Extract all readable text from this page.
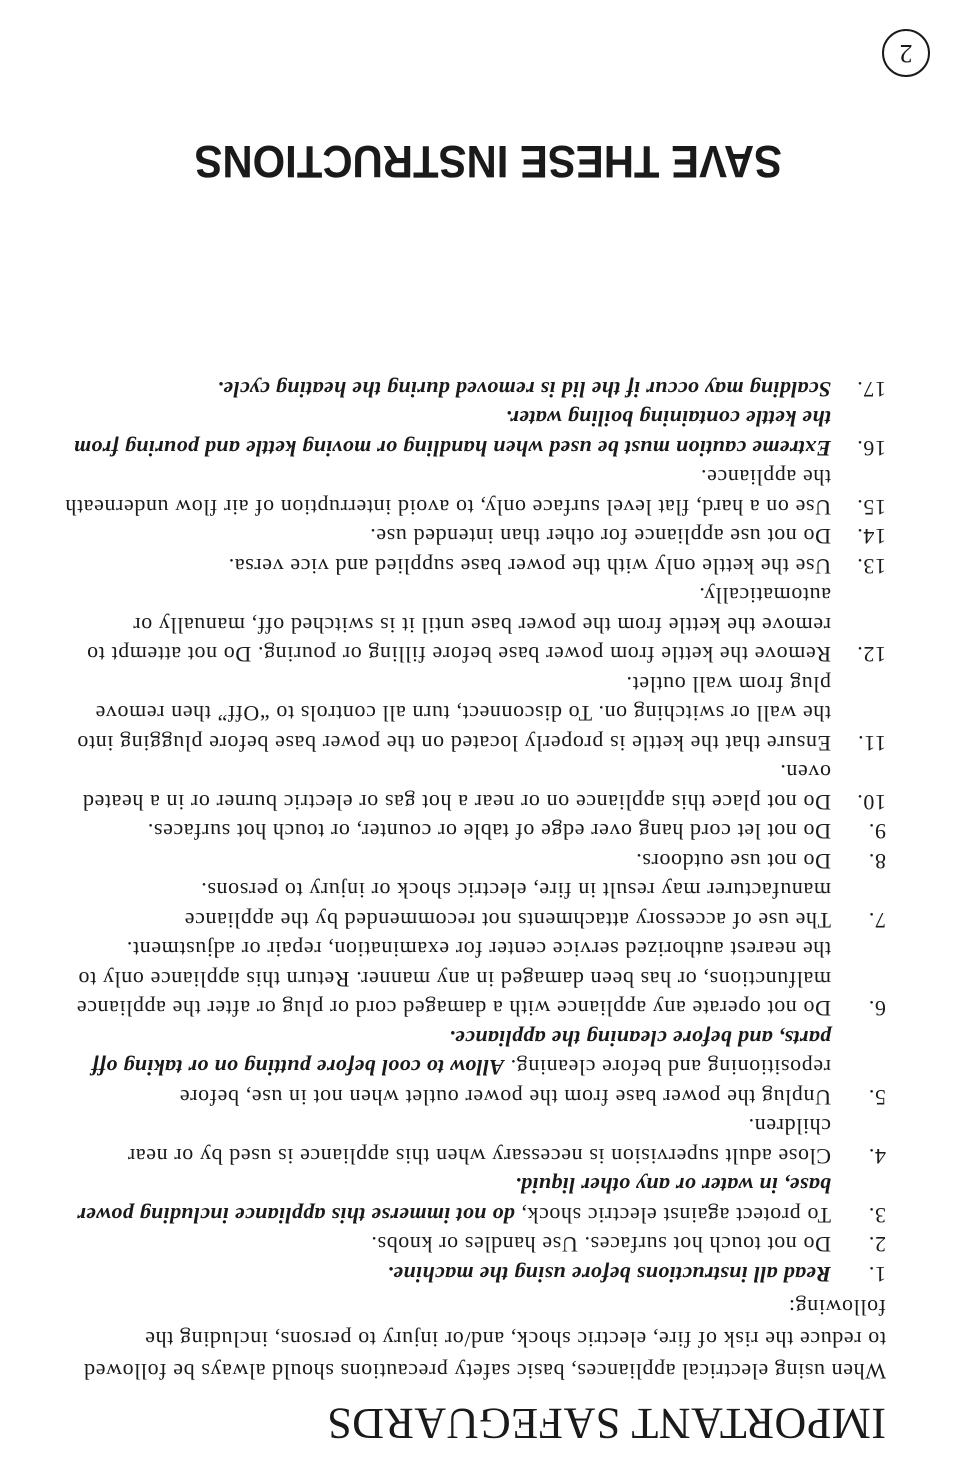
IMPORTANT SAFEGUARDS

When using electrical appliances, basic safety precautions should always be followed to reduce the risk of fire, electric shock, and/or injury to persons, including the following:

1.
Read all instructions before using the machine.
2.
Do not touch hot surfaces. Use handles or knobs.
3.
To protect against electric shock, do not immerse this appliance including power base, in water or any other liquid.
4.
Close adult supervision is necessary when this appliance is used by or near children.
5.
Unplug the power base from the power outlet when not in use, before repositioning and before cleaning. Allow to cool before putting on or taking off parts, and before cleaning the appliance.
6.
Do not operate any appliance with a damaged cord or plug or after the appliance malfunctions, or has been damaged in any manner. Return this appliance only to the nearest authorized service center for examination, repair or adjustment.
7.
The use of accessory attachments not recommended by the appliance manufacturer may result in fire, electric shock or injury to persons.
8.
Do not use outdoors.
9.
Do not let cord hang over edge of table or counter, or touch hot surfaces.
10.
Do not place this appliance on or near a hot gas or electric burner or in a heated oven.
11.
Ensure that the kettle is properly located on the power base before plugging into the wall or switching on. To disconnect, turn all controls to “Off” then remove plug from wall outlet.
12.
Remove the kettle from power base before filling or pouring. Do not attempt to remove the kettle from the power base until it is switched off, manually or automatically.
13.
Use the kettle only with the power base supplied and vice versa.
14.
Do not use appliance for other than intended use.
15.
Use on a hard, flat level surface only, to avoid interruption of air flow underneath the appliance.
16.
Extreme caution must be used when handling or moving kettle and pouring from the kettle containing boiling water.
17.
Scalding may occur if the lid is removed during the heating cycle.
SAVE THESE INSTRUCTIONS
2
